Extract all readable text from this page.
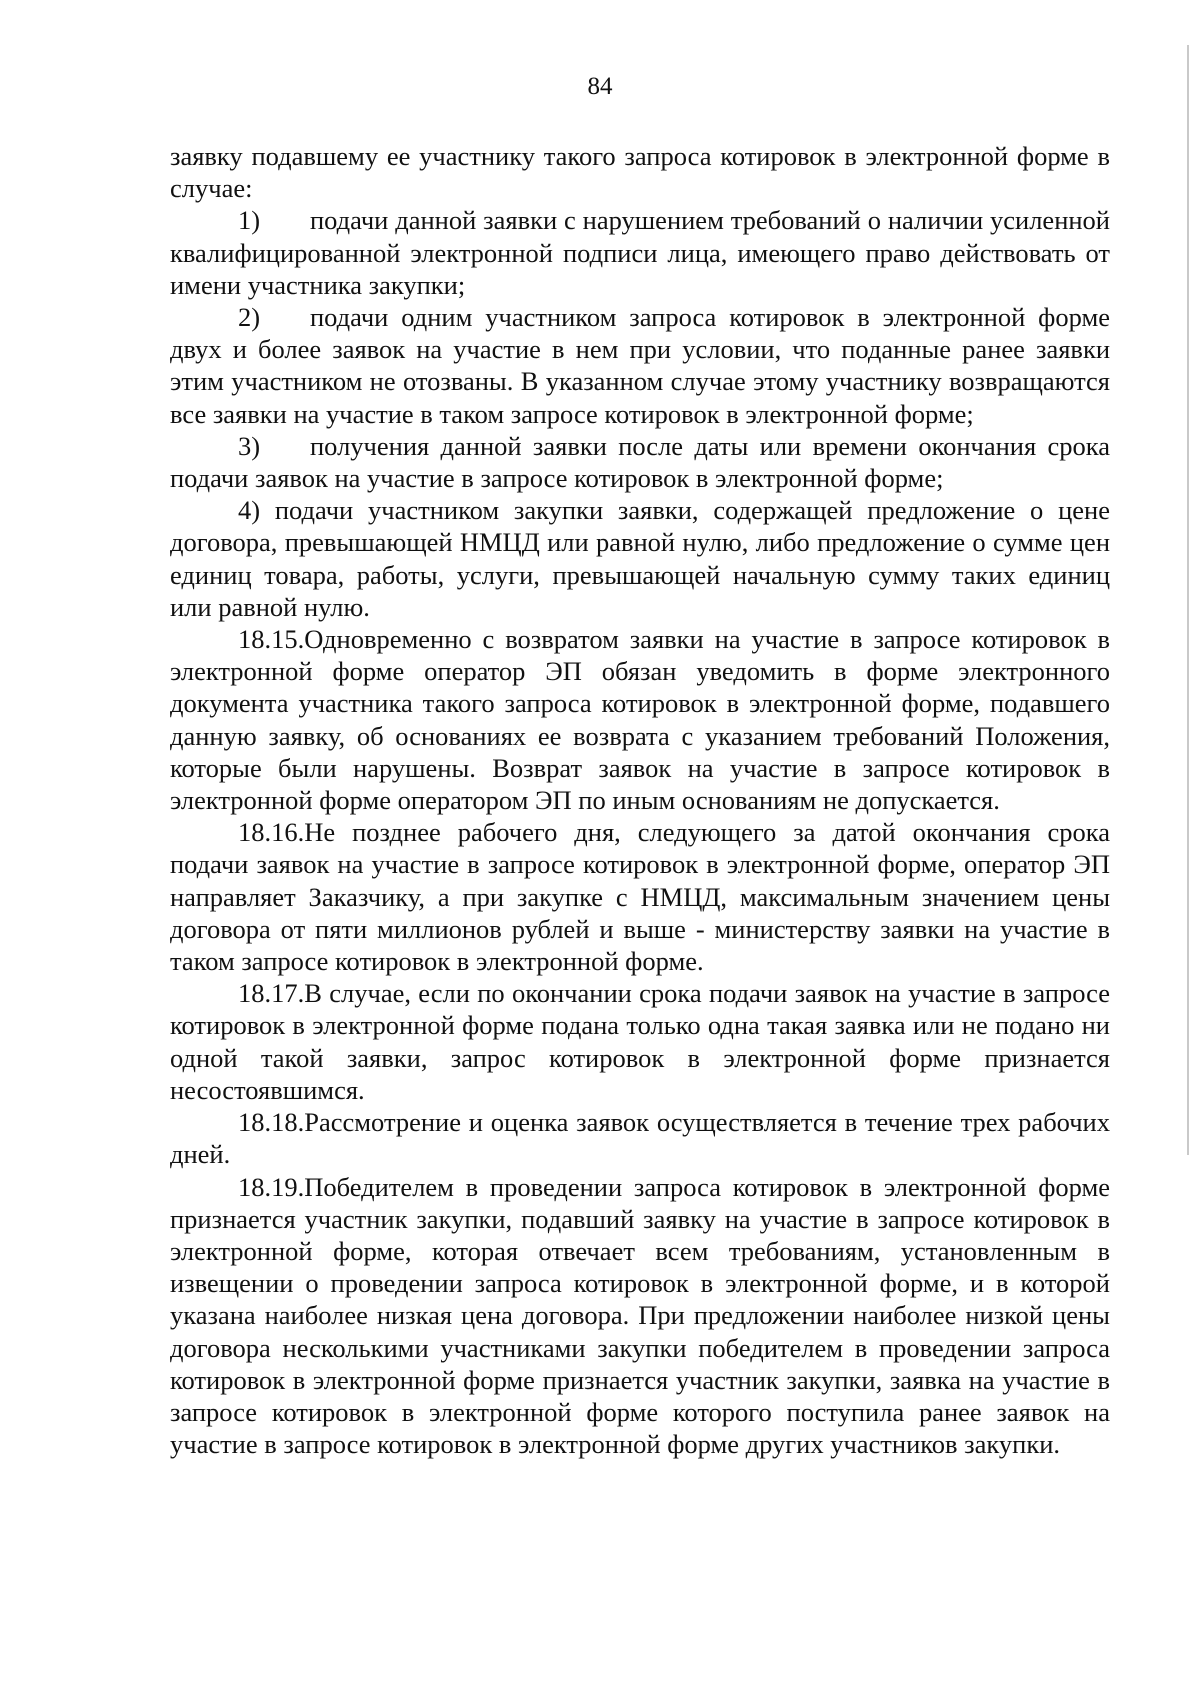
84

заявку подавшему ее участнику такого запроса котировок в электронной форме в случае:

1) подачи данной заявки с нарушением требований о наличии усиленной квалифицированной электронной подписи лица, имеющего право действовать от имени участника закупки;

2) подачи одним участником запроса котировок в электронной форме двух и более заявок на участие в нем при условии, что поданные ранее заявки этим участником не отозваны. В указанном случае этому участнику возвращаются все заявки на участие в таком запросе котировок в электронной форме;

3) получения данной заявки после даты или времени окончания срока подачи заявок на участие в запросе котировок в электронной форме;

4) подачи участником закупки заявки, содержащей предложение о цене договора, превышающей НМЦД или равной нулю, либо предложение о сумме цен единиц товара, работы, услуги, превышающей начальную сумму таких единиц или равной нулю.

18.15.Одновременно с возвратом заявки на участие в запросе котировок в электронной форме оператор ЭП обязан уведомить в форме электронного документа участника такого запроса котировок в электронной форме, подавшего данную заявку, об основаниях ее возврата с указанием требований Положения, которые были нарушены. Возврат заявок на участие в запросе котировок в электронной форме оператором ЭП по иным основаниям не допускается.

18.16.Не позднее рабочего дня, следующего за датой окончания срока подачи заявок на участие в запросе котировок в электронной форме, оператор ЭП направляет Заказчику, а при закупке с НМЦД, максимальным значением цены договора от пяти миллионов рублей и выше - министерству заявки на участие в таком запросе котировок в электронной форме.

18.17.В случае, если по окончании срока подачи заявок на участие в запросе котировок в электронной форме подана только одна такая заявка или не подано ни одной такой заявки, запрос котировок в электронной форме признается несостоявшимся.

18.18.Рассмотрение и оценка заявок осуществляется в течение трех рабочих дней.

18.19.Победителем в проведении запроса котировок в электронной форме признается участник закупки, подавший заявку на участие в запросе котировок в электронной форме, которая отвечает всем требованиям, установленным в извещении о проведении запроса котировок в электронной форме, и в которой указана наиболее низкая цена договора. При предложении наиболее низкой цены договора несколькими участниками закупки победителем в проведении запроса котировок в электронной форме признается участник закупки, заявка на участие в запросе котировок в электронной форме которого поступила ранее заявок на участие в запросе котировок в электронной форме других участников закупки.
